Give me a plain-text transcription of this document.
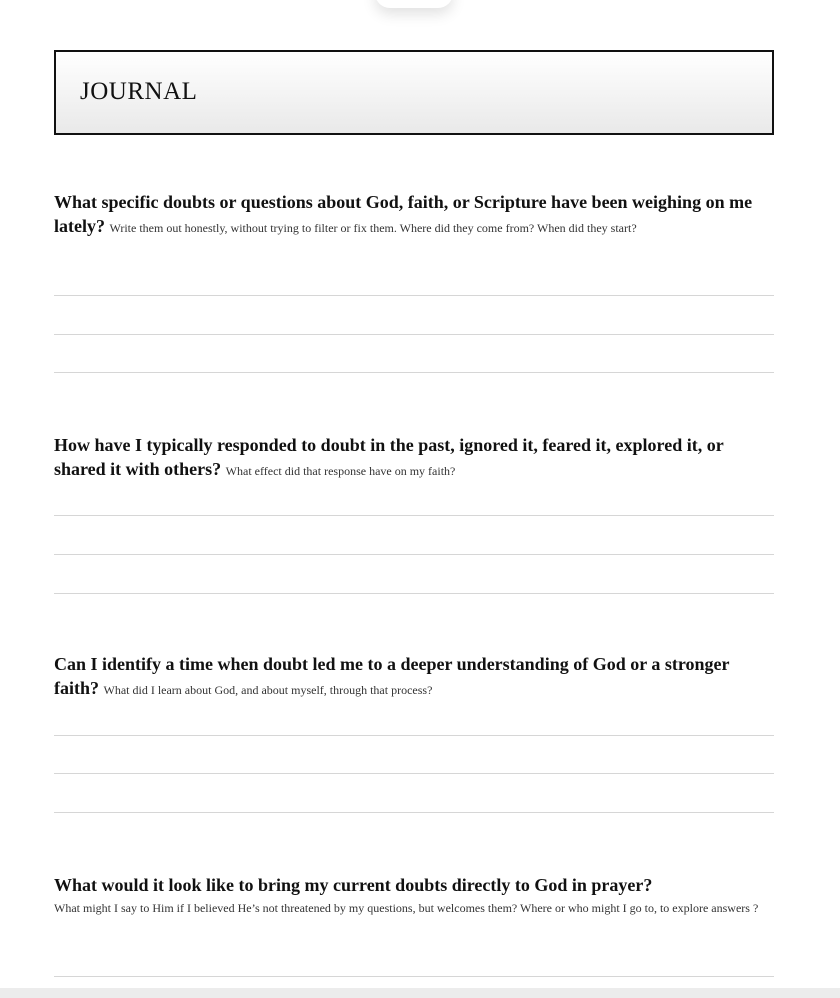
JOURNAL

What specific doubts or questions about God, faith, or Scripture have been weighing on me lately? Write them out honestly, without trying to filter or fix them. Where did they come from? When did they start?

How have I typically responded to doubt in the past, ignored it, feared it, explored it, or shared it with others? What effect did that response have on my faith?

Can I identify a time when doubt led me to a deeper understanding of God or a stronger faith? What did I learn about God, and about myself, through that process?

What would it look like to bring my current doubts directly to God in prayer?

What might I say to Him if I believed He’s not threatened by my questions, but welcomes them? Where or who might I go to, to explore answers ?
